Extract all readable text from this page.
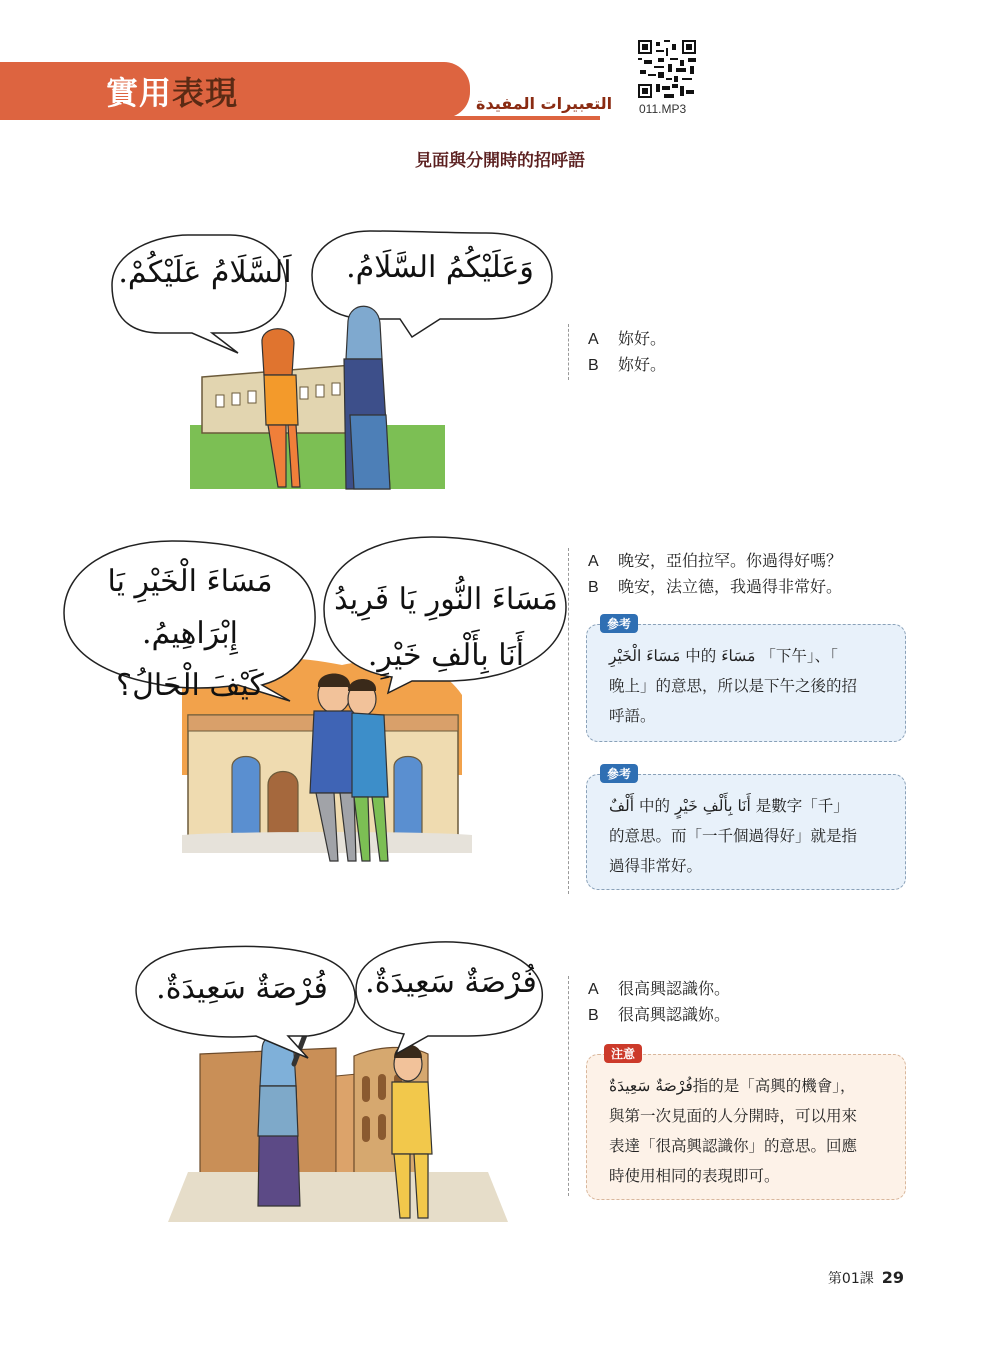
實用表現	التعبيرات المفيدة 011.MP3
見面與分開時的招呼語
اَلسَّلَامُ عَلَيْكُمْ.	وَعَلَيْكُمُ السَّلَامُ.
A 妳好。
B 妳好。
مَسَاءَ الْخَيْرِ يَا
إِبْرَاهِيمُ.
كَيْفَ الْحَالُ؟
مَسَاءَ النُّورِ يَا فَرِيدُ
أَنَا بِأَلْفِ خَيْرٍ.
A 晚安，亞伯拉罕。你過得好嗎？
B 晚安，法立德，我過得非常好。
مَسَاءَ الْخَيْرِ 中的 مَسَاءَ 「下午」、「
晚上」的意思，所以是下午之後的招
呼語。
參考
أَلْفٌ 中的 أَنَا بِأَلْفِ خَيْرٍ 是數字「千」
的意思。而「一千個過得好」就是指
過得非常好。
參考
فُرْصَةٌ سَعِيدَةٌ.	فُرْصَةٌ سَعِيدَةٌ.	A 很高興認識你。
B 很高興認識妳。
فُرْصَةٌ سَعِيدَةٌ指的是「高興的機會」，
與第一次見面的人分開時，可以用來
表達「很高興認識你」的意思。回應
時使用相同的表現即可。
注意
第01課 29
